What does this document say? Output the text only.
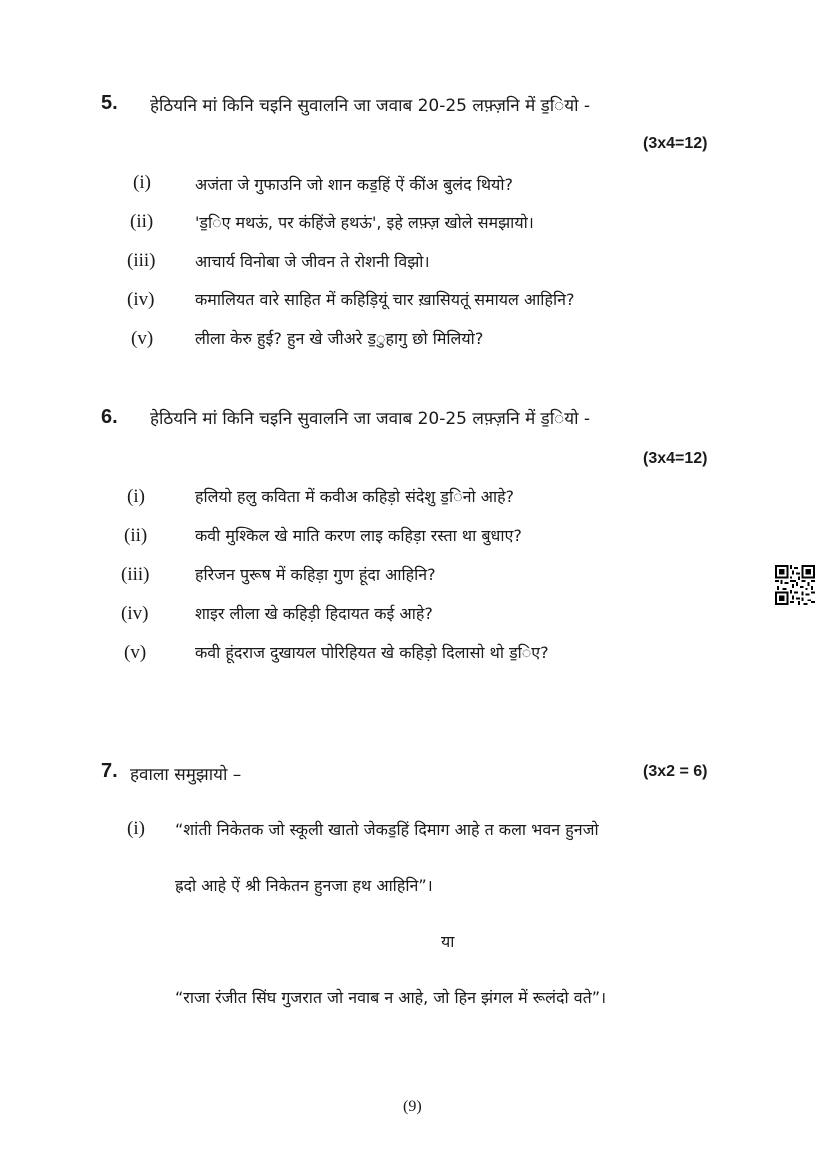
5. हेठियनि मां किनि चइनि सुवालनि जा जवाब 20-25 लफ़्ज़नि में ड॒ियो -
(3x4=12)
(i)	अजंता जे गुफाउनि जो शान कड॒हिं ऐं कींअ बुलंद थियो?
(ii)	'ड॒िए मथऊं, पर कंहिंजे हथऊं', इहे लफ़्ज़ खोले समझायो।
(iii) आचार्य विनोबा जे जीवन ते रोशनी विझो।
(iv)	कमालियत वारे साहित में कहिड़ियूं चार ख़ासियतूं समायल आहिनि?
(v)	लीला केरु हुई? हुन खे जीअरे ड॒ुहागु छो मिलियो?
6. हेठियनि मां किनि चइनि सुवालनि जा जवाब 20-25 लफ़्ज़नि में ड॒ियो -
(3x4=12)
(i)	हलियो हलु कविता में कवीअ कहिड़ो संदेशु ड॒िनो आहे?
(ii)	कवी मुश्किल खे माति करण लाइ कहिड़ा रस्ता था बुधाए?
(iii)	हरिजन पुरूष में कहिड़ा गुण हूंदा आहिनि?
(iv)	शाइर लीला खे कहिड़ी हिदायत कई आहे?
(v)	कवी हूंदराज दुखायल पोरिहियत खे कहिड़ो दिलासो थो ड॒िए?
7. हवाला समुझायो –	(3x2 = 6)
(i) “शांती निकेतक जो स्कूली खातो जेकड॒हिं दिमाग आहे त कला भवन हुनजो
ह्रदो आहे ऐं श्री निकेतन हुनजा हथ आहिनि”।
या
“राजा रंजीत सिंघ गुजरात जो नवाब न आहे, जो हिन झंगल में रूलंदो वते”।
(9)
